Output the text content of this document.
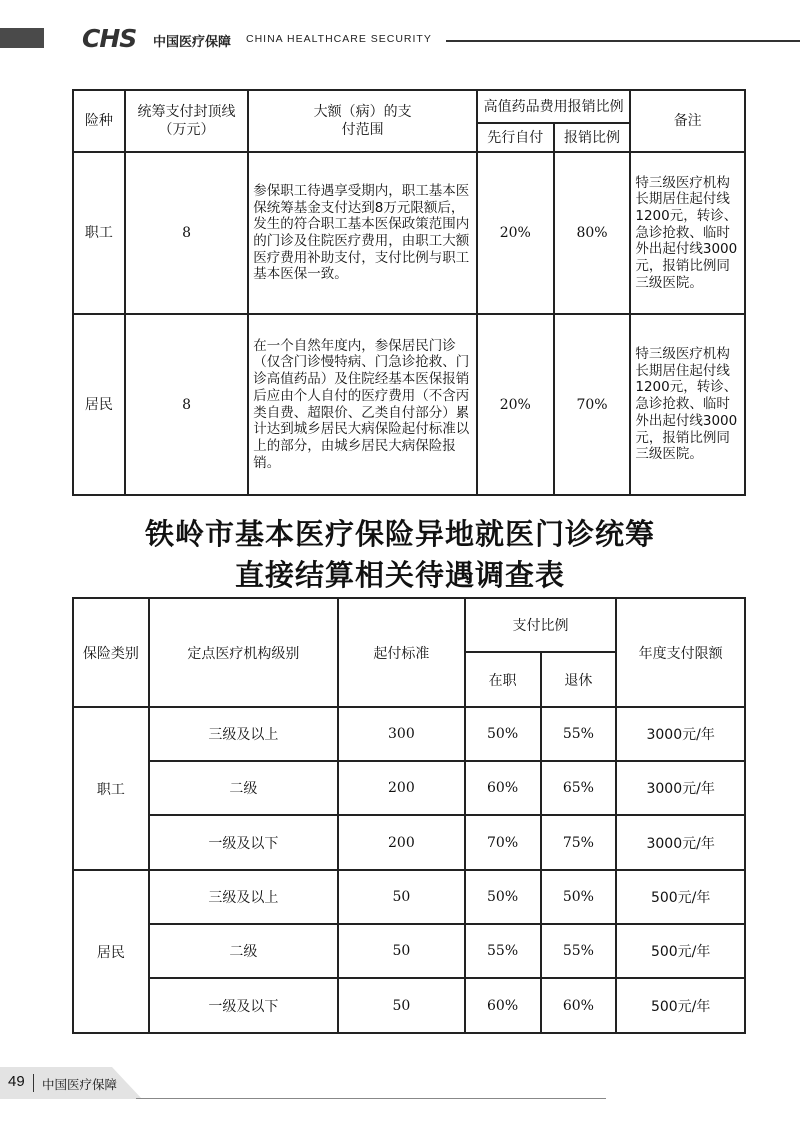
CHS 中国医疗保障 CHINA HEALTHCARE SECURITY
险种	统筹支付封顶线（万元）	大额（病）的支付范围	高值药品费用报销比例		备注
			先行自付	报销比例	
职工	8	参保职工待遇享受期内，职工基本医保统筹基金支付达到8万元限额后，发生的符合职工基本医保政策范围内的门诊及住院医疗费用，由职工大额医疗费用补助支付，支付比例与职工基本医保一致。	20%	80%	特三级医疗机构长期居住起付线1200元，转诊、急诊抢救、临时外出起付线3000元，报销比例同三级医院。
居民	8	在一个自然年度内，参保居民门诊（仅含门诊慢特病、门急诊抢救、门诊高值药品）及住院经基本医保报销后应由个人自付的医疗费用（不含丙类自费、超限价、乙类自付部分）累计达到城乡居民大病保险起付标准以上的部分，由城乡居民大病保险报销。	20%	70%	特三级医疗机构长期居住起付线1200元，转诊、急诊抢救、临时外出起付线3000元，报销比例同三级医院。
铁岭市基本医疗保险异地就医门诊统筹
直接结算相关待遇调查表
保险类别	定点医疗机构级别	起付标准	支付比例		年度支付限额
			在职	退休	
职工	三级及以上	300	50%	55%	3000元/年
	二级	200	60%	65%	3000元/年
	一级及以下	200	70%	75%	3000元/年
居民	三级及以上	50	50%	50%	500元/年
	二级	50	55%	55%	500元/年
	一级及以下	50	60%	60%	500元/年
49 中国医疗保障
